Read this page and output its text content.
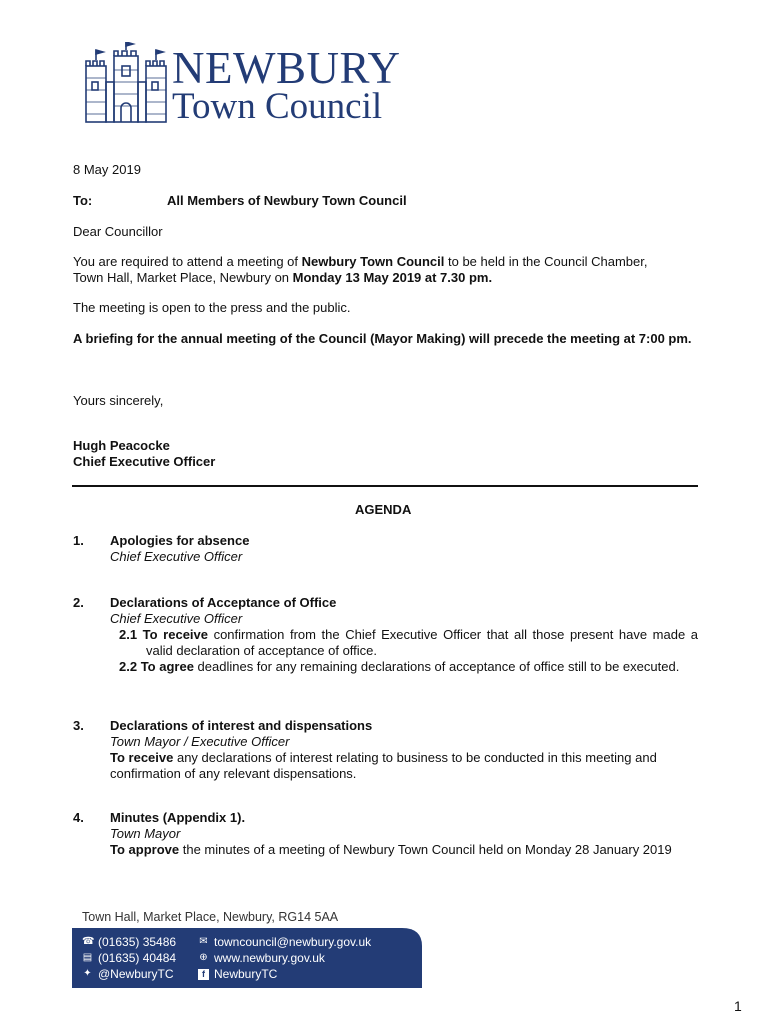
NEWBURY
Town Council
8 May 2019
To:	All Members of Newbury Town Council
Dear Councillor

You are required to attend a meeting of Newbury Town Council to be held in the Council Chamber, Town Hall, Market Place, Newbury on Monday 13 May 2019 at 7.30 pm.

The meeting is open to the press and the public.

A briefing for the annual meeting of the Council (Mayor Making) will precede the meeting at 7:00 pm.

Yours sincerely,
Hugh Peacocke
Chief Executive Officer
AGENDA
1. Apologies for absence
Chief Executive Officer
2. Declarations of Acceptance of Office
Chief Executive Officer
2.1 To receive confirmation from the Chief Executive Officer that all those present have made a valid declaration of acceptance of office.
2.2 To agree deadlines for any remaining declarations of acceptance of office still to be executed.
3. Declarations of interest and dispensations
Town Mayor / Executive Officer
To receive any declarations of interest relating to business to be conducted in this meeting and confirmation of any relevant dispensations.
4. Minutes (Appendix 1).
Town Mayor
To approve the minutes of a meeting of Newbury Town Council held on Monday 28 January 2019
Town Hall, Market Place, Newbury, RG14 5AA
☎ (01635) 35486
▤ (01635) 40484
✦ @NewburyTC
✉ towncouncil@newbury.gov.uk
⊕ www.newbury.gov.uk
f NewburyTC
1
